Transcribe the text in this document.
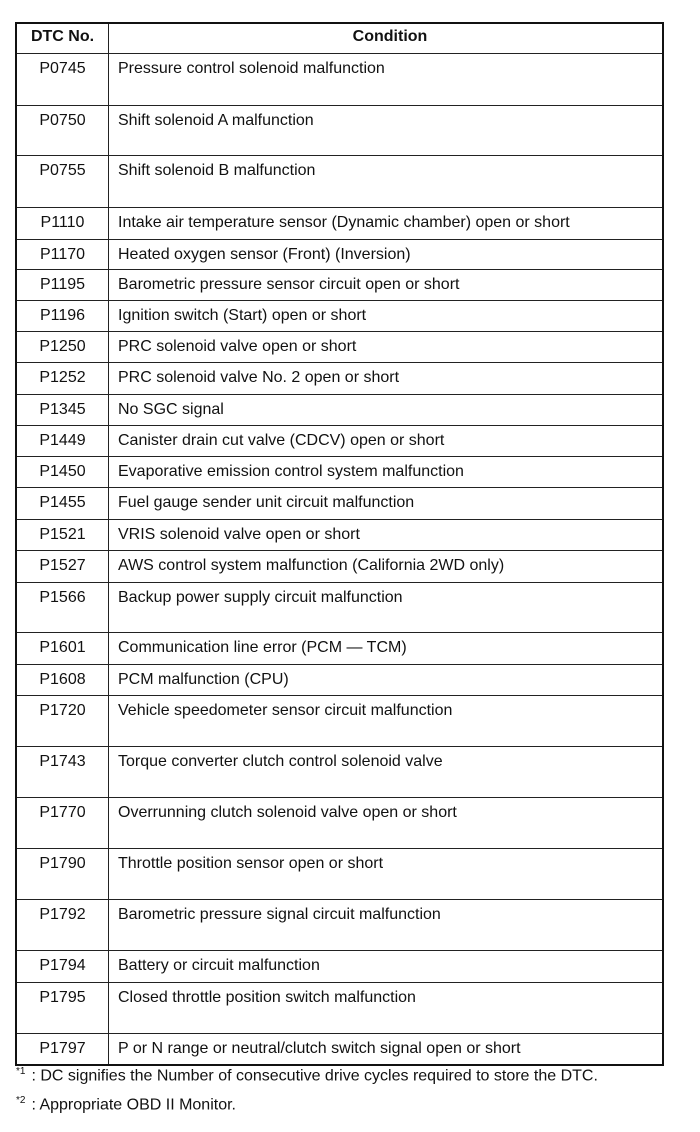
DTC No.	Condition
P0745	Pressure control solenoid malfunction
P0750	Shift solenoid A malfunction
P0755	Shift solenoid B malfunction
P1110	Intake air temperature sensor (Dynamic chamber) open or short
P1170	Heated oxygen sensor (Front) (Inversion)
P1195	Barometric pressure sensor circuit open or short
P1196	Ignition switch (Start) open or short
P1250	PRC solenoid valve open or short
P1252	PRC solenoid valve No. 2 open or short
P1345	No SGC signal
P1449	Canister drain cut valve (CDCV) open or short
P1450	Evaporative emission control system malfunction
P1455	Fuel gauge sender unit circuit malfunction
P1521	VRIS solenoid valve open or short
P1527	AWS control system malfunction (California 2WD only)
P1566	Backup power supply circuit malfunction
P1601	Communication line error (PCM — TCM)
P1608	PCM malfunction (CPU)
P1720	Vehicle speedometer sensor circuit malfunction
P1743	Torque converter clutch control solenoid valve
P1770	Overrunning clutch solenoid valve open or short
P1790	Throttle position sensor open or short
P1792	Barometric pressure signal circuit malfunction
P1794	Battery or circuit malfunction
P1795	Closed throttle position switch malfunction
P1797	P or N range or neutral/clutch switch signal open or short
$^{*1}$ : DC signifies the Number of consecutive drive cycles required to store the DTC.
$^{*2}$ : Appropriate OBD II Monitor.
